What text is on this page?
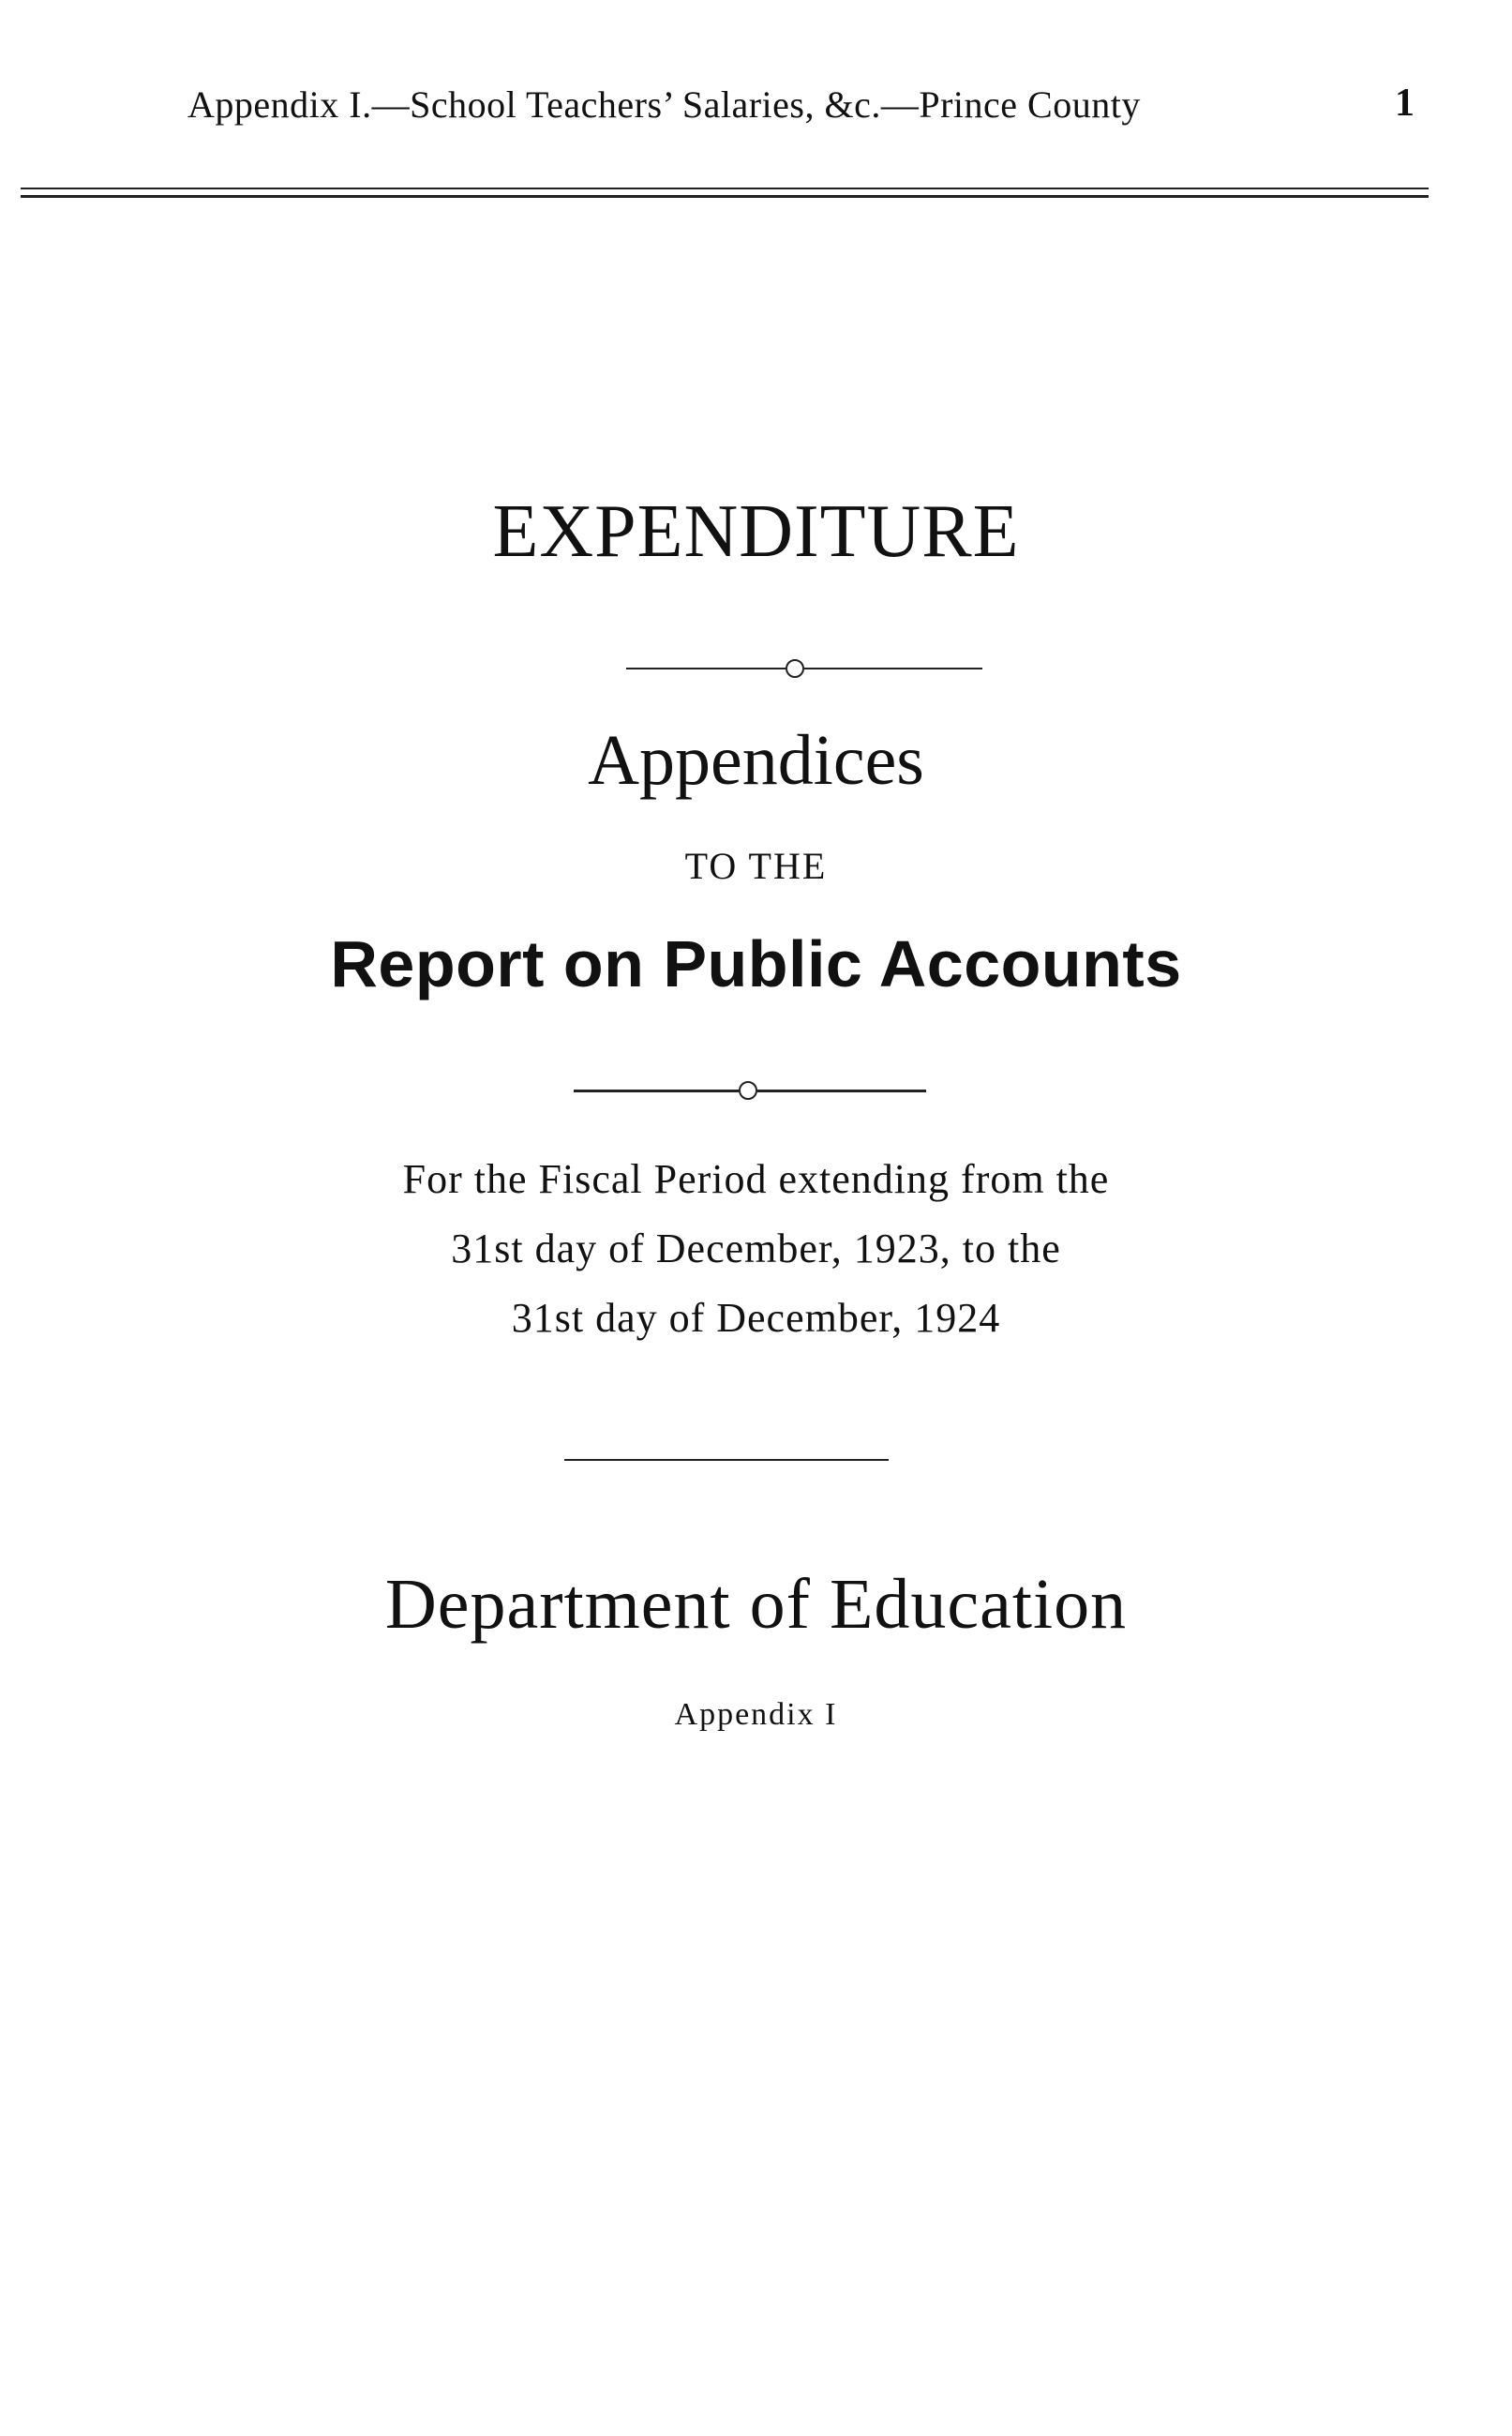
Appendix I.—School Teachers’ Salaries, &c.—Prince County	1
EXPENDITURE
Appendices
TO THE
Report on Public Accounts
For the Fiscal Period extending from the
31st day of December, 1923, to the
31st day of December, 1924
Department of Education
Appendix I
